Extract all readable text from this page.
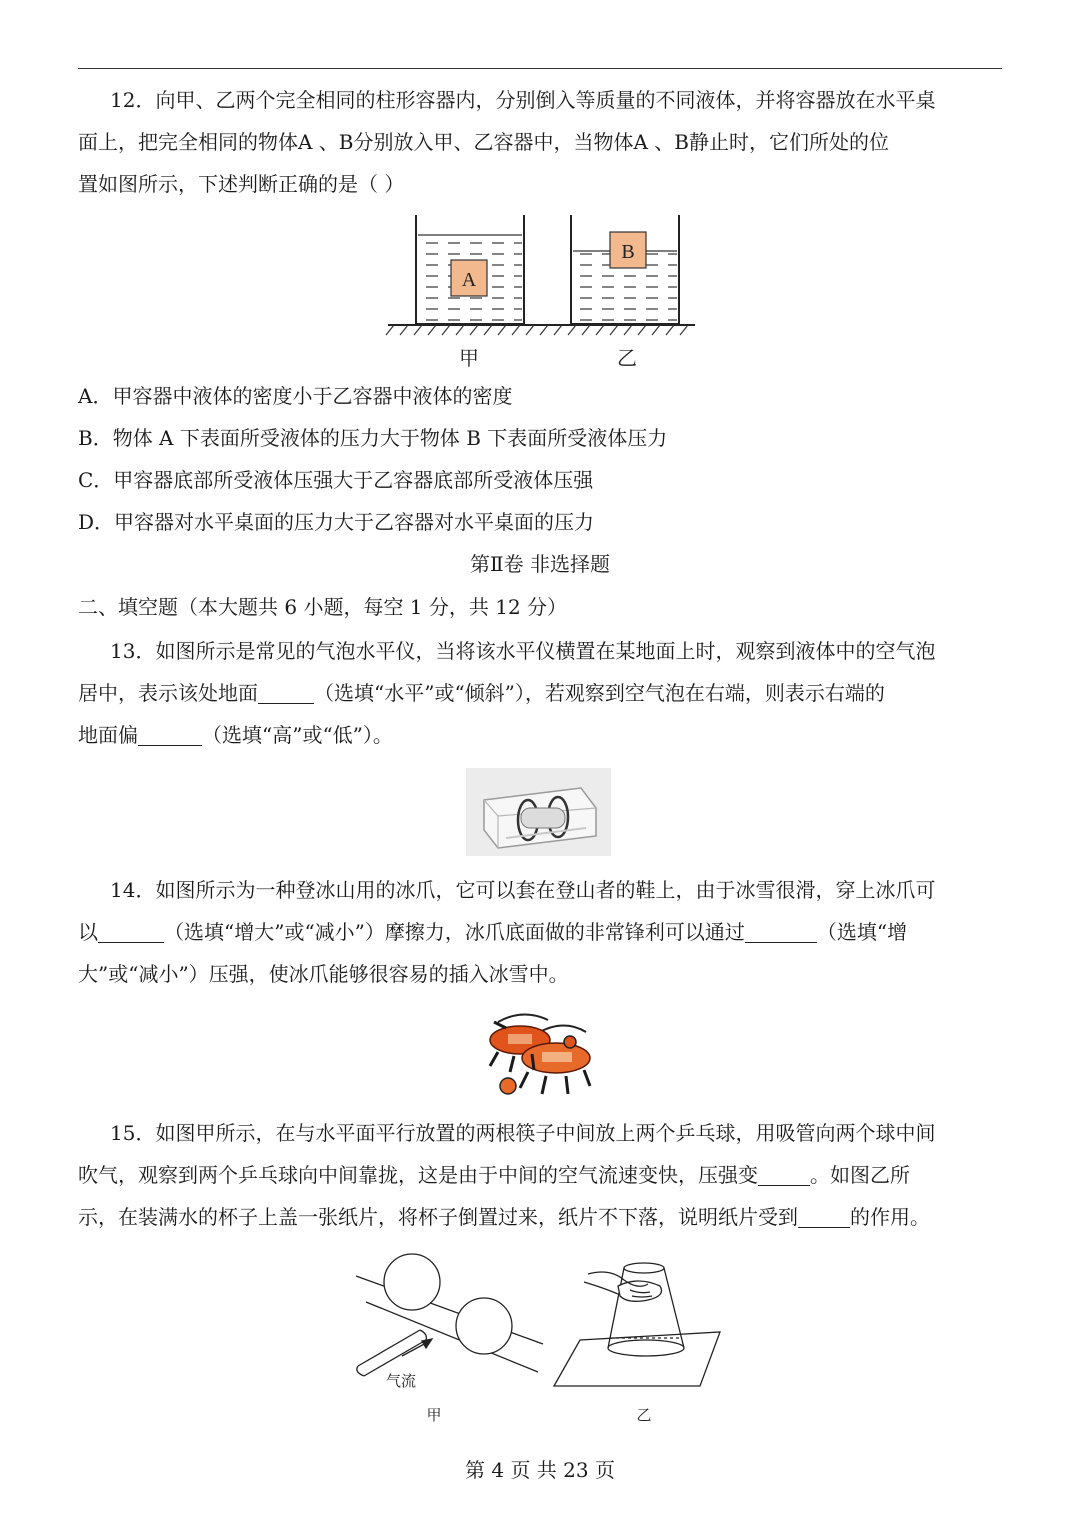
12．向甲、乙两个完全相同的柱形容器内，分别倒入等质量的不同液体，并将容器放在水平桌
面上，把完全相同的物体A 、B分别放入甲、乙容器中，当物体A 、B静止时，它们所处的位
置如图所示，下述判断正确的是（ ）
A
B
甲	乙
A．甲容器中液体的密度小于乙容器中液体的密度
B．物体 A 下表面所受液体的压力大于物体 B 下表面所受液体压力
C．甲容器底部所受液体压强大于乙容器底部所受液体压强
D．甲容器对水平桌面的压力大于乙容器对水平桌面的压力
第Ⅱ卷 非选择题
二、填空题（本大题共 6 小题，每空 1 分，共 12 分）
13．如图所示是常见的气泡水平仪，当将该水平仪横置在某地面上时，观察到液体中的空气泡
居中，表示该处地面	（选填“水平”或“倾斜”），若观察到空气泡在右端，则表示右端的
地面偏	（选填“高”或“低”）。
14．如图所示为一种登冰山用的冰爪，它可以套在登山者的鞋上，由于冰雪很滑，穿上冰爪可
以	（选填“增大”或“减小”）摩擦力，冰爪底面做的非常锋利可以通过	（选填“增
大”或“减小”）压强，使冰爪能够很容易的插入冰雪中。
15．如图甲所示，在与水平面平行放置的两根筷子中间放上两个乒乓球，用吸管向两个球中间
吹气，观察到两个乒乓球向中间靠拢，这是由于中间的空气流速变快，压强变	。如图乙所
示，在装满水的杯子上盖一张纸片，将杯子倒置过来，纸片不下落，说明纸片受到	的作用。
气流
甲	乙
第 4 页 共 23 页
